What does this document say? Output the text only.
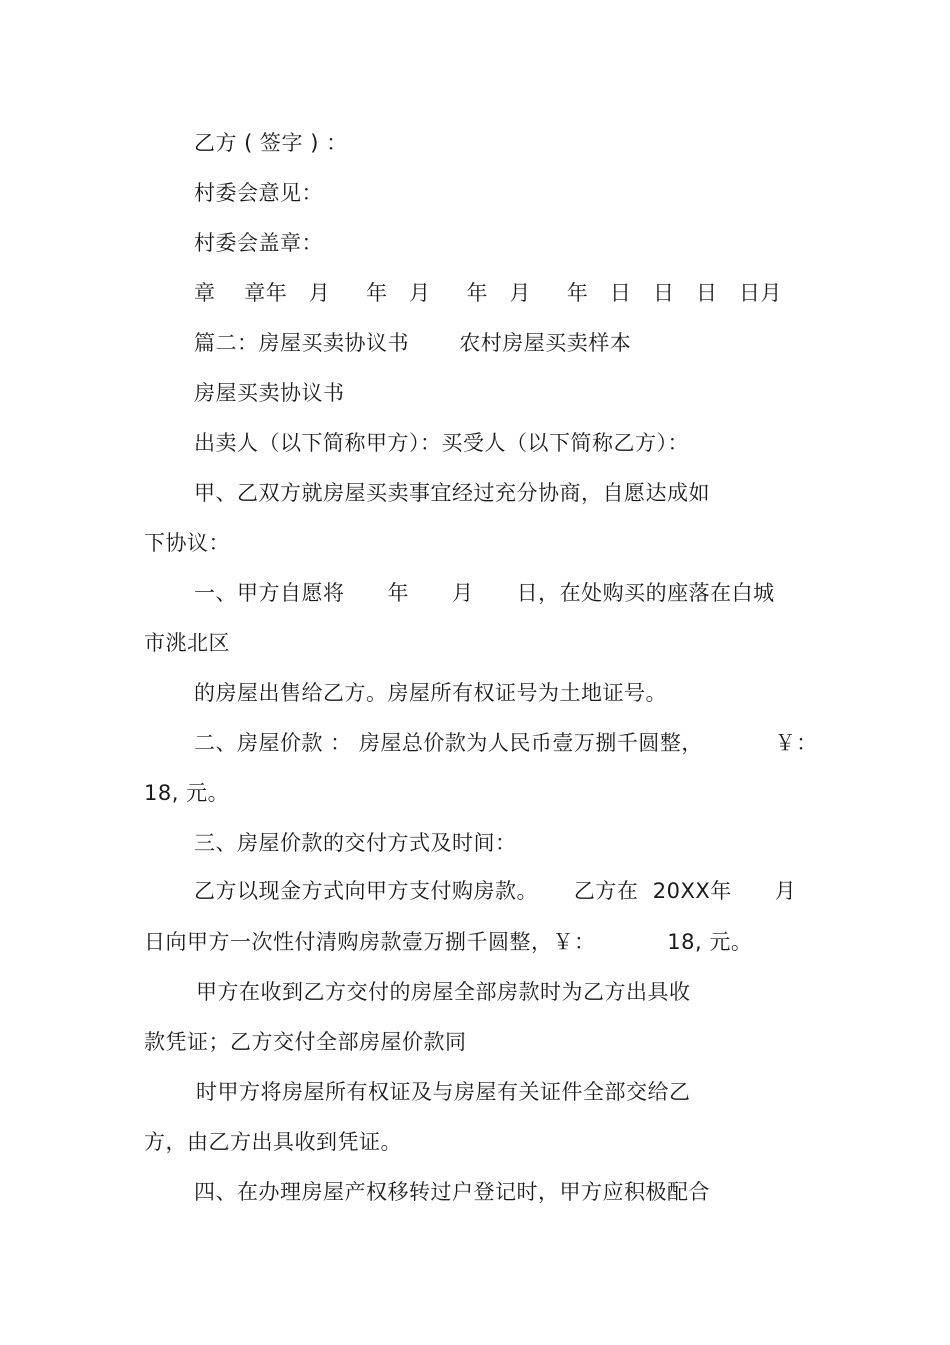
乙方 ( 签字 ) ：
村委会意见：
村委会盖章：
章    章年   月     年   月     年   月     年   日   日   日   日月
篇二：房屋买卖协议书       农村房屋买卖样本
房屋买卖协议书
出卖人（以下简称甲方）：买受人（以下简称乙方）：
甲、乙双方就房屋买卖事宜经过充分协商，自愿达成如
下协议：
一、甲方自愿将      年      月      日，在处购买的座落在白城
市洮北区
的房屋出售给乙方。房屋所有权证号为土地证号。
二、房屋价款 ： 房屋总价款为人民币壹万捌千圆整，          ￥：
18, 元。
三、房屋价款的交付方式及时间：
乙方以现金方式向甲方支付购房款。     乙方在  20XX年      月
日向甲方一次性付清购房款壹万捌千圆整，￥：          18, 元。
甲方在收到乙方交付的房屋全部房款时为乙方出具收
款凭证；乙方交付全部房屋价款同
时甲方将房屋所有权证及与房屋有关证件全部交给乙
方，由乙方出具收到凭证。
四、在办理房屋产权移转过户登记时，甲方应积极配合
